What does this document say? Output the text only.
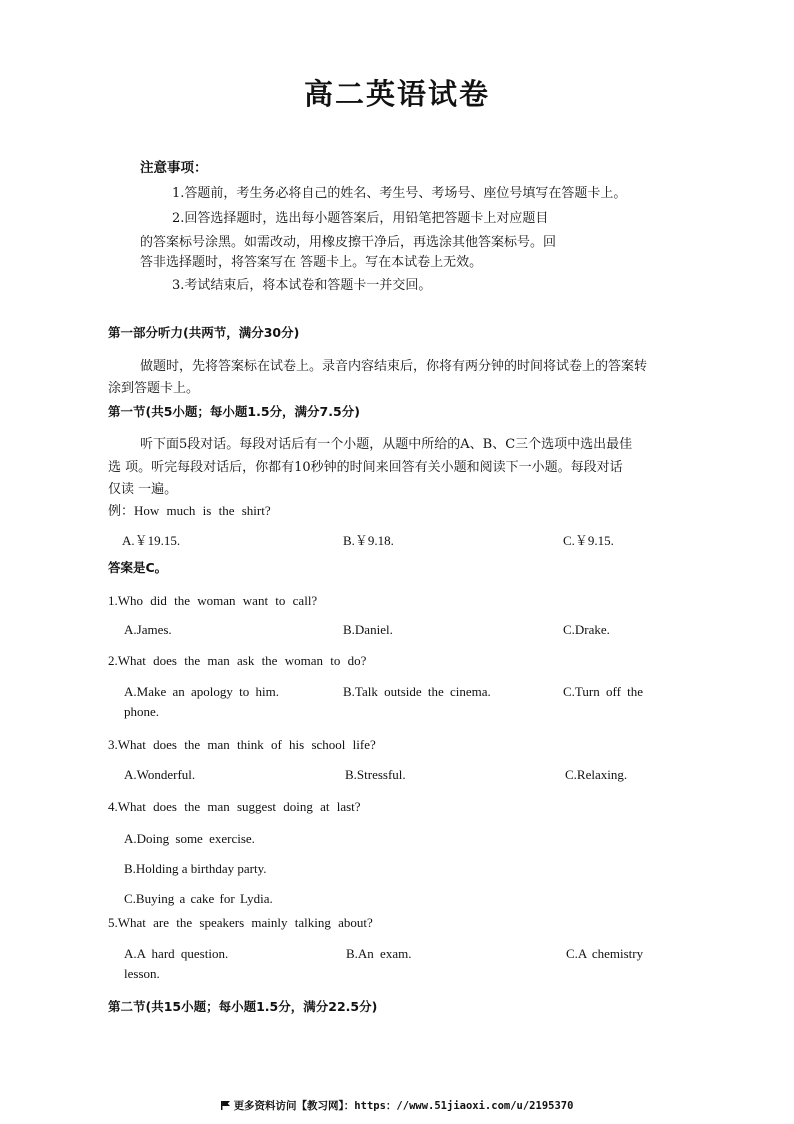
高二英语试卷
注意事项：
1.答题前，考生务必将自己的姓名、考生号、考场号、座位号填写在答题卡上。
2.回答选择题时，选出每小题答案后，用铅笔把答题卡上对应题目
的答案标号涂黑。如需改动，用橡皮擦干净后，再选涂其他答案标号。回
答非选择题时，将答案写在 答题卡上。写在本试卷上无效。
3.考试结束后，将本试卷和答题卡一并交回。
第一部分听力(共两节，满分30分)
做题时，先将答案标在试卷上。录音内容结束后，你将有两分钟的时间将试卷上的答案转
涂到答题卡上。
第一节(共5小题；每小题1.5分，满分7.5分)
听下面5段对话。每段对话后有一个小题，从题中所给的A、B、C三个选项中选出最佳
选 项。听完每段对话后，你都有10秒钟的时间来回答有关小题和阅读下一小题。每段对话
仅读 一遍。
例：How much is the shirt?
A.￥19.15.	B.￥9.18.	C.￥9.15.
答案是C。
1.Who did the woman want to call?
A.James.	B.Daniel.	C.Drake.
2.What does the man ask the woman to do?
A.Make an apology to him.	B.Talk outside the cinema.	C.Turn off the
phone.
3.What does the man think of his school life?
A.Wonderful.	B.Stressful.	C.Relaxing.
4.What does the man suggest doing at last?
A.Doing some exercise.
B.Holding a birthday party.
C.Buying a cake for Lydia.
5.What are the speakers mainly talking about?
A.A hard question.	B.An exam.	C.A chemistry
lesson.
第二节(共15小题；每小题1.5分，满分22.5分)
更多资料访问【教习网】：https：//www.51jiaoxi.com/u/2195370
